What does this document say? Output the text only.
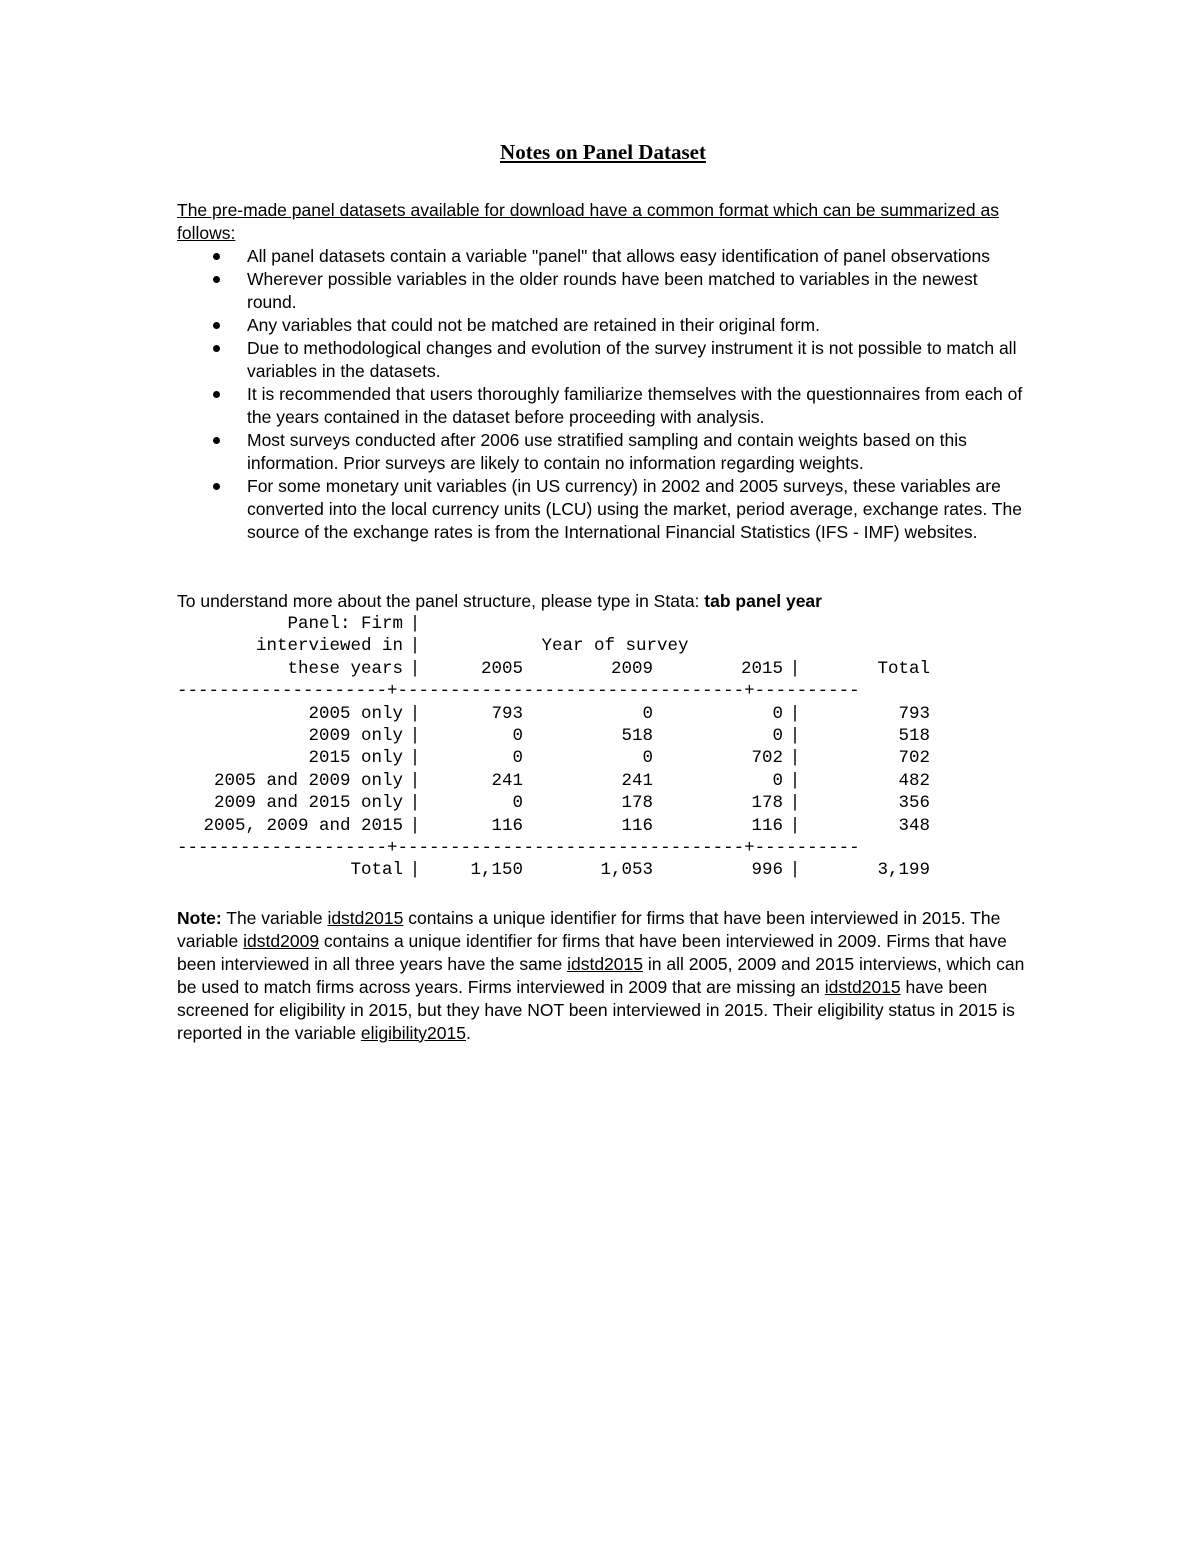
Notes on Panel Dataset

The pre-made panel datasets available for download have a common format which can be summarized as follows:

All panel datasets contain a variable "panel" that allows easy identification of panel observations
Wherever possible variables in the older rounds have been matched to variables in the newest round.
Any variables that could not be matched are retained in their original form.
Due to methodological changes and evolution of the survey instrument it is not possible to match all variables in the datasets.
It is recommended that users thoroughly familiarize themselves with the questionnaires from each of the years contained in the dataset before proceeding with analysis.
Most surveys conducted after 2006 use stratified sampling and contain weights based on this information. Prior surveys are likely to contain no information regarding weights.
For some monetary unit variables (in US currency) in 2002 and 2005 surveys, these variables are converted into the local currency units (LCU) using the market, period average, exchange rates. The source of the exchange rates is from the International Financial Statistics (IFS - IMF) websites.

To understand more about the panel structure, please type in Stata: tab panel year

Panel: Firm	|					
interviewed in	|	Year of survey				
these years	|	2005	2009	2015	|	Total
--------------------+---------------------------------+----------						
2005 only	|	793	0	0	|	793
2009 only	|	0	518	0	|	518
2015 only	|	0	0	702	|	702
2005 and 2009 only	|	241	241	0	|	482
2009 and 2015 only	|	0	178	178	|	356
2005, 2009 and 2015	|	116	116	116	|	348
--------------------+---------------------------------+----------						
Total	|	1,150	1,053	996	|	3,199

Note: The variable idstd2015 contains a unique identifier for firms that have been interviewed in 2015. The variable idstd2009 contains a unique identifier for firms that have been interviewed in 2009. Firms that have been interviewed in all three years have the same idstd2015 in all 2005, 2009 and 2015 interviews, which can be used to match firms across years. Firms interviewed in 2009 that are missing an idstd2015 have been screened for eligibility in 2015, but they have NOT been interviewed in 2015. Their eligibility status in 2015 is reported in the variable eligibility2015.
